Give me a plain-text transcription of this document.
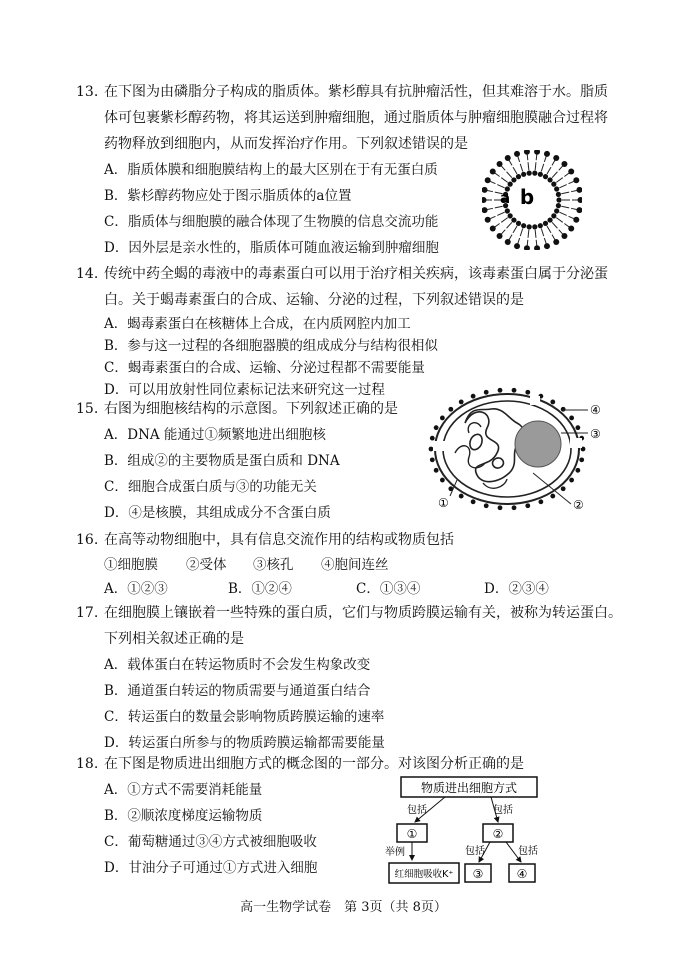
13. 在下图为由磷脂分子构成的脂质体。紫杉醇具有抗肿瘤活性，但其难溶于水。脂质
体可包裹紫杉醇药物，将其运送到肿瘤细胞，通过脂质体与肿瘤细胞膜融合过程将
药物释放到细胞内，从而发挥治疗作用。下列叙述错误的是
A．脂质体膜和细胞膜结构上的最大区别在于有无蛋白质
B．紫杉醇药物应处于图示脂质体的a位置
C．脂质体与细胞膜的融合体现了生物膜的信息交流功能
D．因外层是亲水性的，脂质体可随血液运输到肿瘤细胞
a b
14. 传统中药全蝎的毒液中的毒素蛋白可以用于治疗相关疾病，该毒素蛋白属于分泌蛋
白。关于蝎毒素蛋白的合成、运输、分泌的过程，下列叙述错误的是
A．蝎毒素蛋白在核糖体上合成，在内质网腔内加工
B．参与这一过程的各细胞器膜的组成成分与结构很相似
C．蝎毒素蛋白的合成、运输、分泌过程都不需要能量
D．可以用放射性同位素标记法来研究这一过程
15. 右图为细胞核结构的示意图。下列叙述正确的是
A．DNA 能通过①频繁地进出细胞核
B．组成②的主要物质是蛋白质和 DNA
C．细胞合成蛋白质与③的功能无关
D．④是核膜，其组成成分不含蛋白质
④
③
①	②
16. 在高等动物细胞中，具有信息交流作用的结构或物质包括
①细胞膜	②受体	③核孔	④胞间连丝
A．①②③	B．①②④	C．①③④	D．②③④
17. 在细胞膜上镶嵌着一些特殊的蛋白质，它们与物质跨膜运输有关，被称为转运蛋白。
下列相关叙述正确的是
A．载体蛋白在转运物质时不会发生构象改变
B．通道蛋白转运的物质需要与通道蛋白结合
C．转运蛋白的数量会影响物质跨膜运输的速率
D．转运蛋白所参与的物质跨膜运输都需要能量
18. 在下图是物质进出细胞方式的概念图的一部分。对该图分析正确的是
A．①方式不需要消耗能量
B．②顺浓度梯度运输物质
C．葡萄糖通过③④方式被细胞吸收
D．甘油分子可通过①方式进入细胞
物质进出细胞方式
包括	包括
①	②
举例	包括	包括
红细胞吸收K⁺ ③	④
高一生物学试卷　第 3页（共 8页）
